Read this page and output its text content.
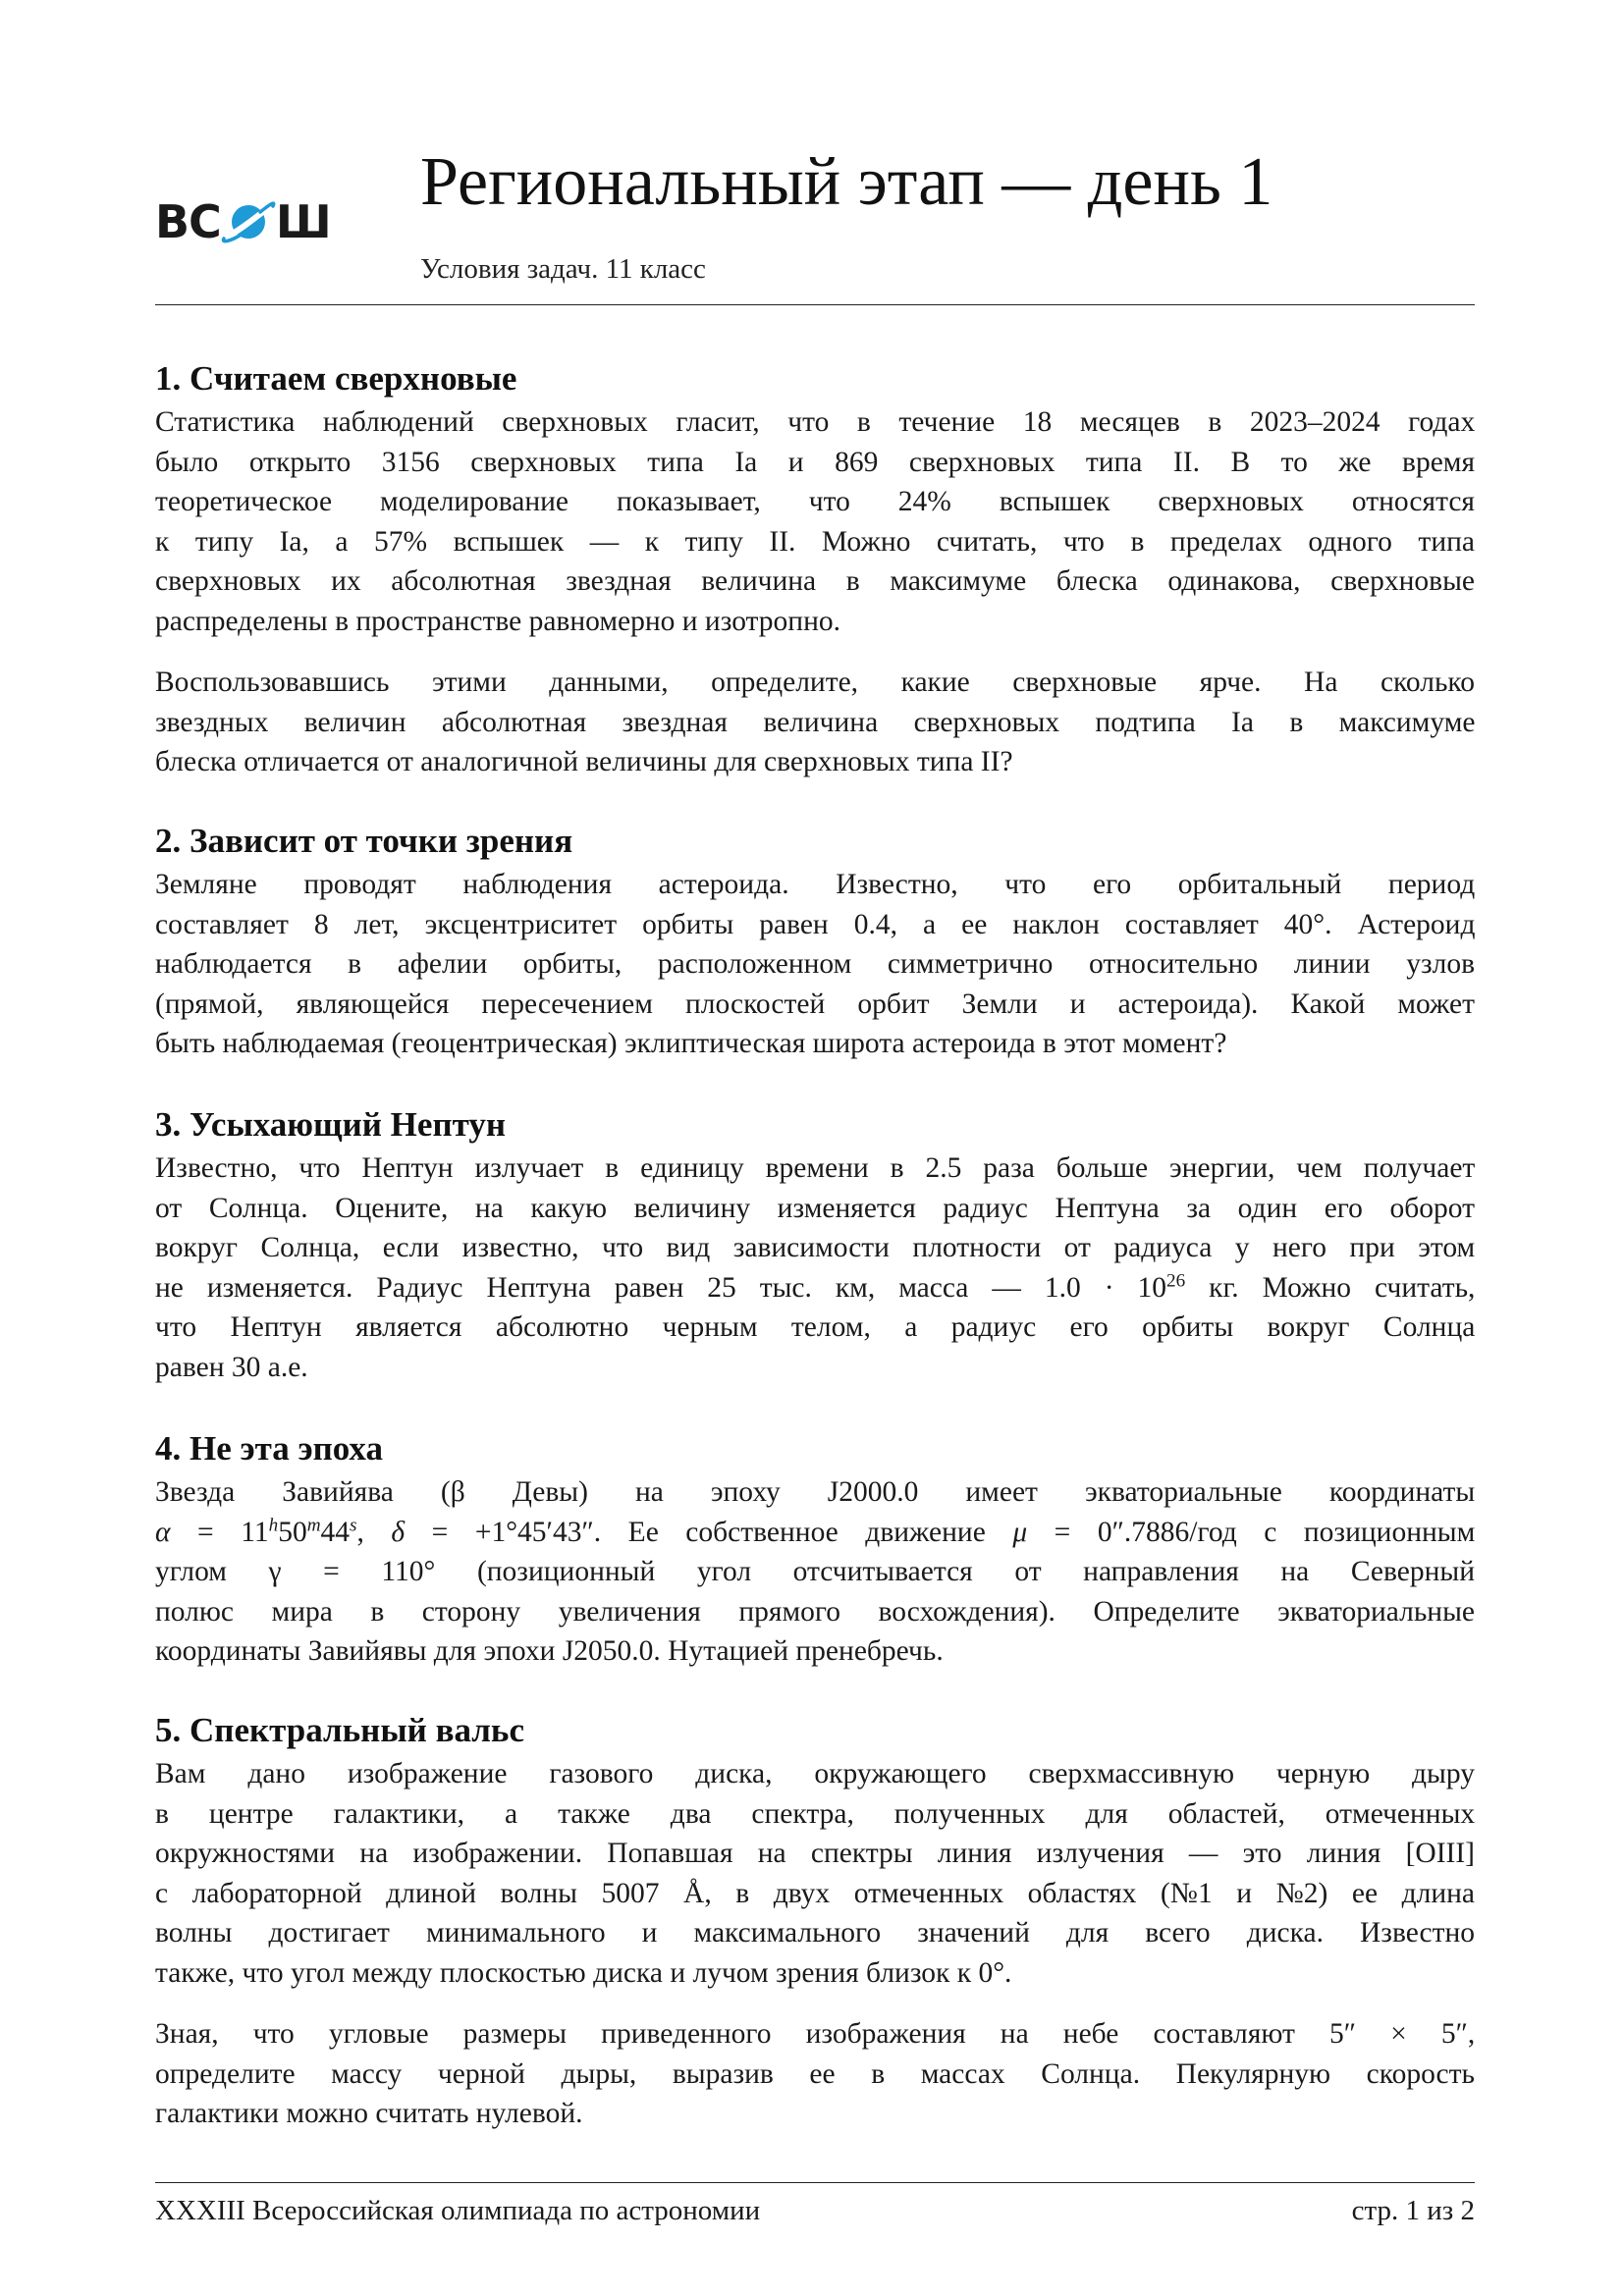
ВС Ш
Региональный этап — день 1
Условия задач. 11 класс
1. Считаем сверхновые
Статистика наблюдений сверхновых гласит, что в течение 18 месяцев в 2023–2024 годах
было открыто 3156 сверхновых типа Ia и 869 сверхновых типа II. В то же время
теоретическое моделирование показывает, что 24% вспышек сверхновых относятся
к типу Ia, а 57% вспышек — к типу II. Можно считать, что в пределах одного типа
сверхновых их абсолютная звездная величина в максимуме блеска одинакова, сверхновые
распределены в пространстве равномерно и изотропно.
Воспользовавшись этими данными, определите, какие сверхновые ярче. На сколько
звездных величин абсолютная звездная величина сверхновых подтипа Ia в максимуме
блеска отличается от аналогичной величины для сверхновых типа II?
2. Зависит от точки зрения
Земляне проводят наблюдения астероида. Известно, что его орбитальный период
составляет 8 лет, эксцентриситет орбиты равен 0.4, а ее наклон составляет 40°. Астероид
наблюдается в афелии орбиты, расположенном симметрично относительно линии узлов
(прямой, являющейся пересечением плоскостей орбит Земли и астероида). Какой может
быть наблюдаемая (геоцентрическая) эклиптическая широта астероида в этот момент?
3. Усыхающий Нептун
Известно, что Нептун излучает в единицу времени в 2.5 раза больше энергии, чем получает
от Солнца. Оцените, на какую величину изменяется радиус Нептуна за один его оборот
вокруг Солнца, если известно, что вид зависимости плотности от радиуса у него при этом
не изменяется. Радиус Нептуна равен 25 тыс. км, масса — $1.0 \cdot 10^{26}$ кг. Можно считать,
что Нептун является абсолютно черным телом, а радиус его орбиты вокруг Солнца
равен 30 а.е.
4. Не эта эпоха
Звезда Завийява (β Девы) на эпоху J2000.0 имеет экваториальные координаты
$\alpha = 11^h50^m44^s$, δ = +1°45′43″. Ее собственное движение μ = 0″.7886/год с позиционным
углом γ = 110° (позиционный угол отсчитывается от направления на Северный
полюс мира в сторону увеличения прямого восхождения). Определите экваториальные
координаты Завийявы для эпохи J2050.0. Нутацией пренебречь.
5. Спектральный вальс
Вам дано изображение газового диска, окружающего сверхмассивную черную дыру
в центре галактики, а также два спектра, полученных для областей, отмеченных
окружностями на изображении. Попавшая на спектры линия излучения — это линия [OIII]
с лабораторной длиной волны 5007 Å, в двух отмеченных областях (№1 и №2) ее длина
волны достигает минимального и максимального значений для всего диска. Известно
также, что угол между плоскостью диска и лучом зрения близок к 0°.
Зная, что угловые размеры приведенного изображения на небе составляют 5″ × 5″,
определите массу черной дыры, выразив ее в массах Солнца. Пекулярную скорость
галактики можно считать нулевой.
XXXIII Всероссийская олимпиада по астрономии	стр. 1 из 2
